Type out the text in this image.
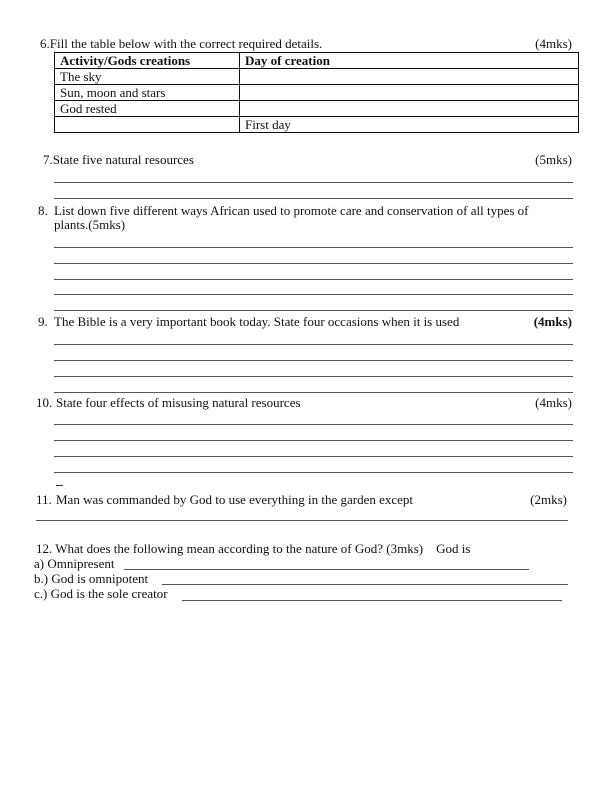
6.Fill the table below with the correct required details.	(4mks)
Activity/Gods creations	Day of creation
The sky	
Sun, moon and stars	
God rested	
	First day
7.State five natural resources	(5mks)
8. List down five different ways African used to promote care and conservation of all types of
plants.(5mks)
9. The Bible is a very important book today. State four occasions when it is used	(4mks)
10. State four effects of misusing natural resources	(4mks)
11. Man was commanded by God to use everything in the garden except	(2mks)
12. What does the following mean according to the nature of God? (3mks)    God is
a) Omnipresent
b.) God is omnipotent
c.) God is the sole creator
